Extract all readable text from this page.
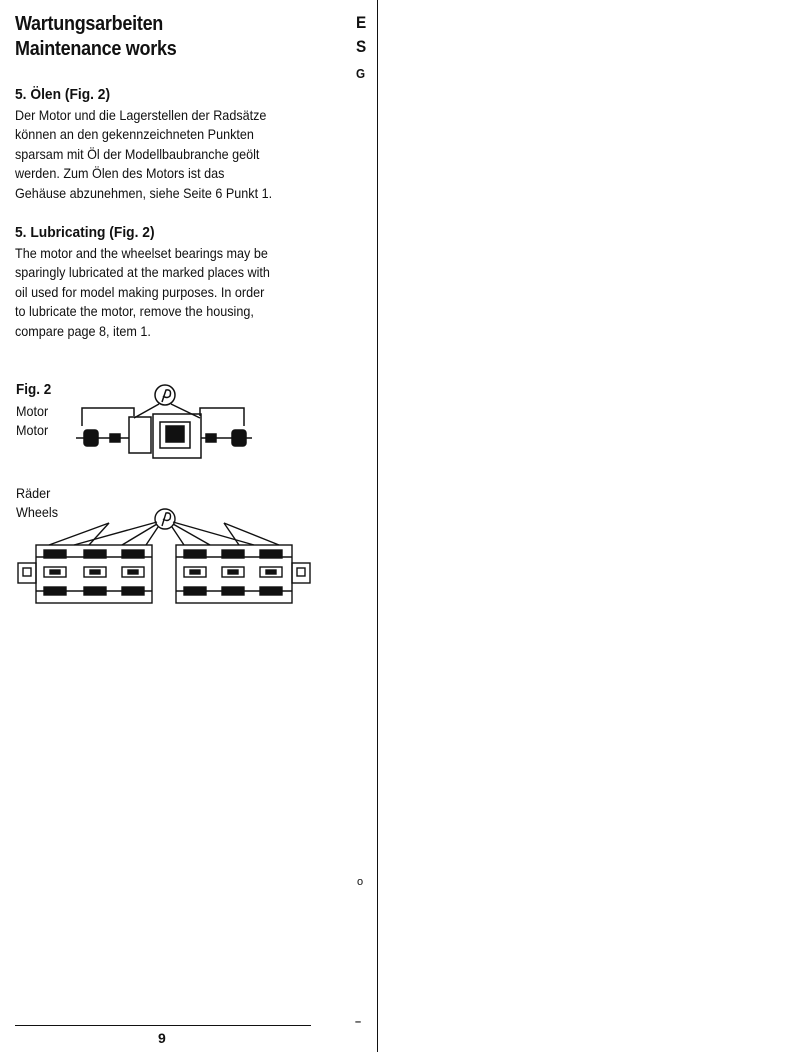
Wartungsarbeiten
Maintenance works
5. Ölen (Fig. 2)
Der Motor und die Lagerstellen der Radsätze
können an den gekennzeichneten Punkten
sparsam mit Öl der Modellbaubranche geölt
werden. Zum Ölen des Motors ist das
Gehäuse abzunehmen, siehe Seite 6 Punkt 1.
5. Lubricating (Fig. 2)
The motor and the wheelset bearings may be
sparingly lubricated at the marked places with
oil used for model making purposes. In order
to lubricate the motor, remove the housing,
compare page 8, item 1.
Fig. 2
Motor
Motor
Räder
Wheels
E
S
G
o
–
9
